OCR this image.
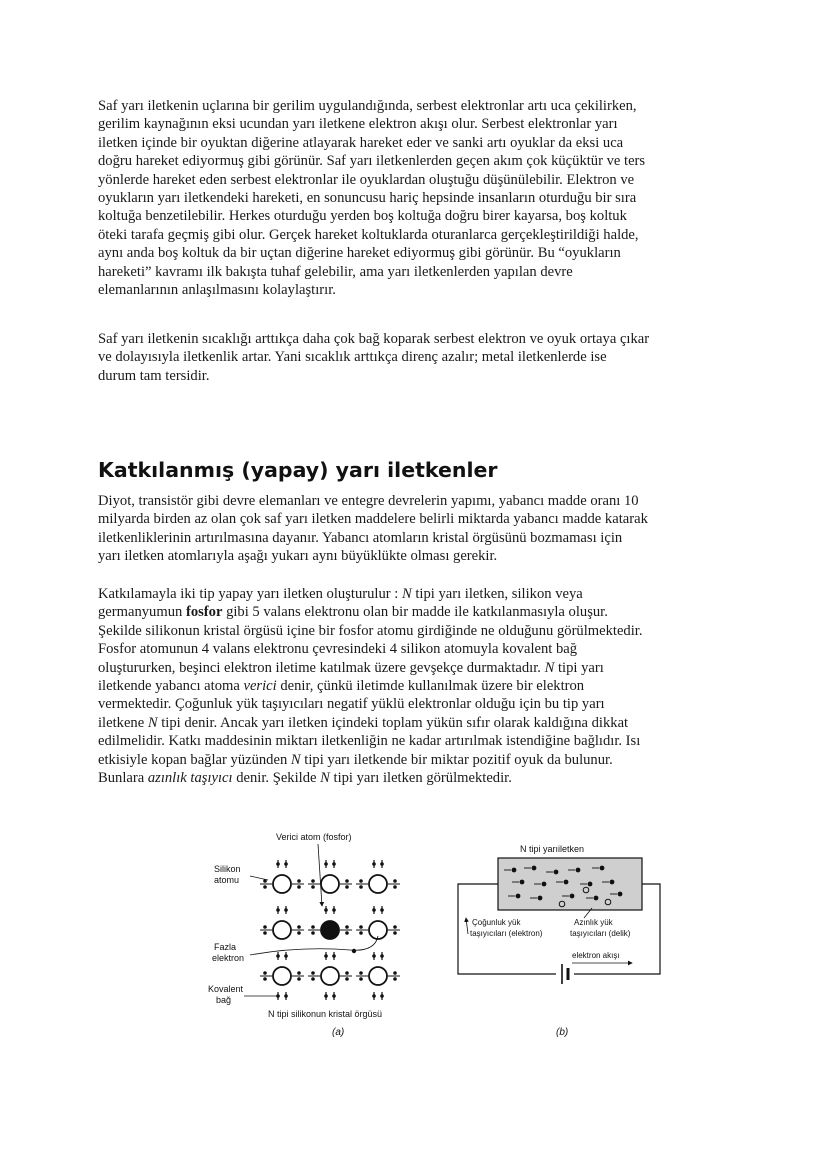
Saf yarı iletkenin uçlarına bir gerilim uygulandığında, serbest elektronlar artı uca çekilirken,
gerilim kaynağının eksi ucundan yarı iletkene elektron akışı olur. Serbest elektronlar yarı
iletken içinde bir oyuktan diğerine atlayarak hareket eder ve sanki artı oyuklar da eksi uca
doğru hareket ediyormuş gibi görünür. Saf yarı iletkenlerden geçen akım çok küçüktür ve ters
yönlerde hareket eden serbest elektronlar ile oyuklardan oluştuğu düşünülebilir. Elektron ve
oyukların yarı iletkendeki hareketi, en sonuncusu hariç hepsinde insanların oturduğu bir sıra
koltuğa benzetilebilir. Herkes oturduğu yerden boş koltuğa doğru birer kayarsa, boş koltuk
öteki tarafa geçmiş gibi olur. Gerçek hareket koltuklarda oturanlarca gerçekleştirildiği halde,
aynı anda boş koltuk da bir uçtan diğerine hareket ediyormuş gibi görünür. Bu “oyukların
hareketi” kavramı ilk bakışta tuhaf gelebilir, ama yarı iletkenlerden yapılan devre
elemanlarının anlaşılmasını kolaylaştırır.
Saf yarı iletkenin sıcaklığı arttıkça daha çok bağ koparak serbest elektron ve oyuk ortaya çıkar
ve dolayısıyla iletkenlik artar. Yani sıcaklık arttıkça direnç azalır; metal iletkenlerde ise
durum tam tersidir.
Katkılanmış (yapay) yarı iletkenler
Diyot, transistör gibi devre elemanları ve entegre devrelerin yapımı, yabancı madde oranı 10
milyarda birden az olan çok saf yarı iletken maddelere belirli miktarda yabancı madde katarak
iletkenliklerinin artırılmasına dayanır. Yabancı atomların kristal örgüsünü bozmaması için
yarı iletken atomlarıyla aşağı yukarı aynı büyüklükte olması gerekir.
Katkılamayla iki tip yapay yarı iletken oluşturulur : N tipi yarı iletken, silikon veya
germanyumun fosfor gibi 5 valans elektronu olan bir madde ile katkılanmasıyla oluşur.
Şekilde silikonun kristal örgüsü içine bir fosfor atomu girdiğinde ne olduğunu görülmektedir.
Fosfor atomunun 4 valans elektronu çevresindeki 4 silikon atomuyla kovalent bağ
oluştururken, beşinci elektron iletime katılmak üzere gevşekçe durmaktadır. N tipi yarı
iletkende yabancı atoma verici denir, çünkü iletimde kullanılmak üzere bir elektron
vermektedir. Çoğunluk yük taşıyıcıları negatif yüklü elektronlar olduğu için bu tip yarı
iletkene N tipi denir. Ancak yarı iletken içindeki toplam yükün sıfır olarak kaldığına dikkat
edilmelidir. Katkı maddesinin miktarı iletkenliğin ne kadar artırılmak istendiğine bağlıdır. Isı
etkisiyle kopan bağlar yüzünden N tipi yarı iletkende bir miktar pozitif oyuk da bulunur.
Bunlara azınlık taşıyıcı denir. Şekilde N tipi yarı iletken görülmektedir.
Verici atom (fosfor)
Silikon
atomu
Fazla
elektron
Kovalent
bağ
N tipi silikonun kristal örgüsü
(a)
N tipi yarıiletken
Çoğunluk yük
taşıyıcıları (elektron)
Azınlık yük
taşıyıcıları (delik)
elektron akışı
(b)
